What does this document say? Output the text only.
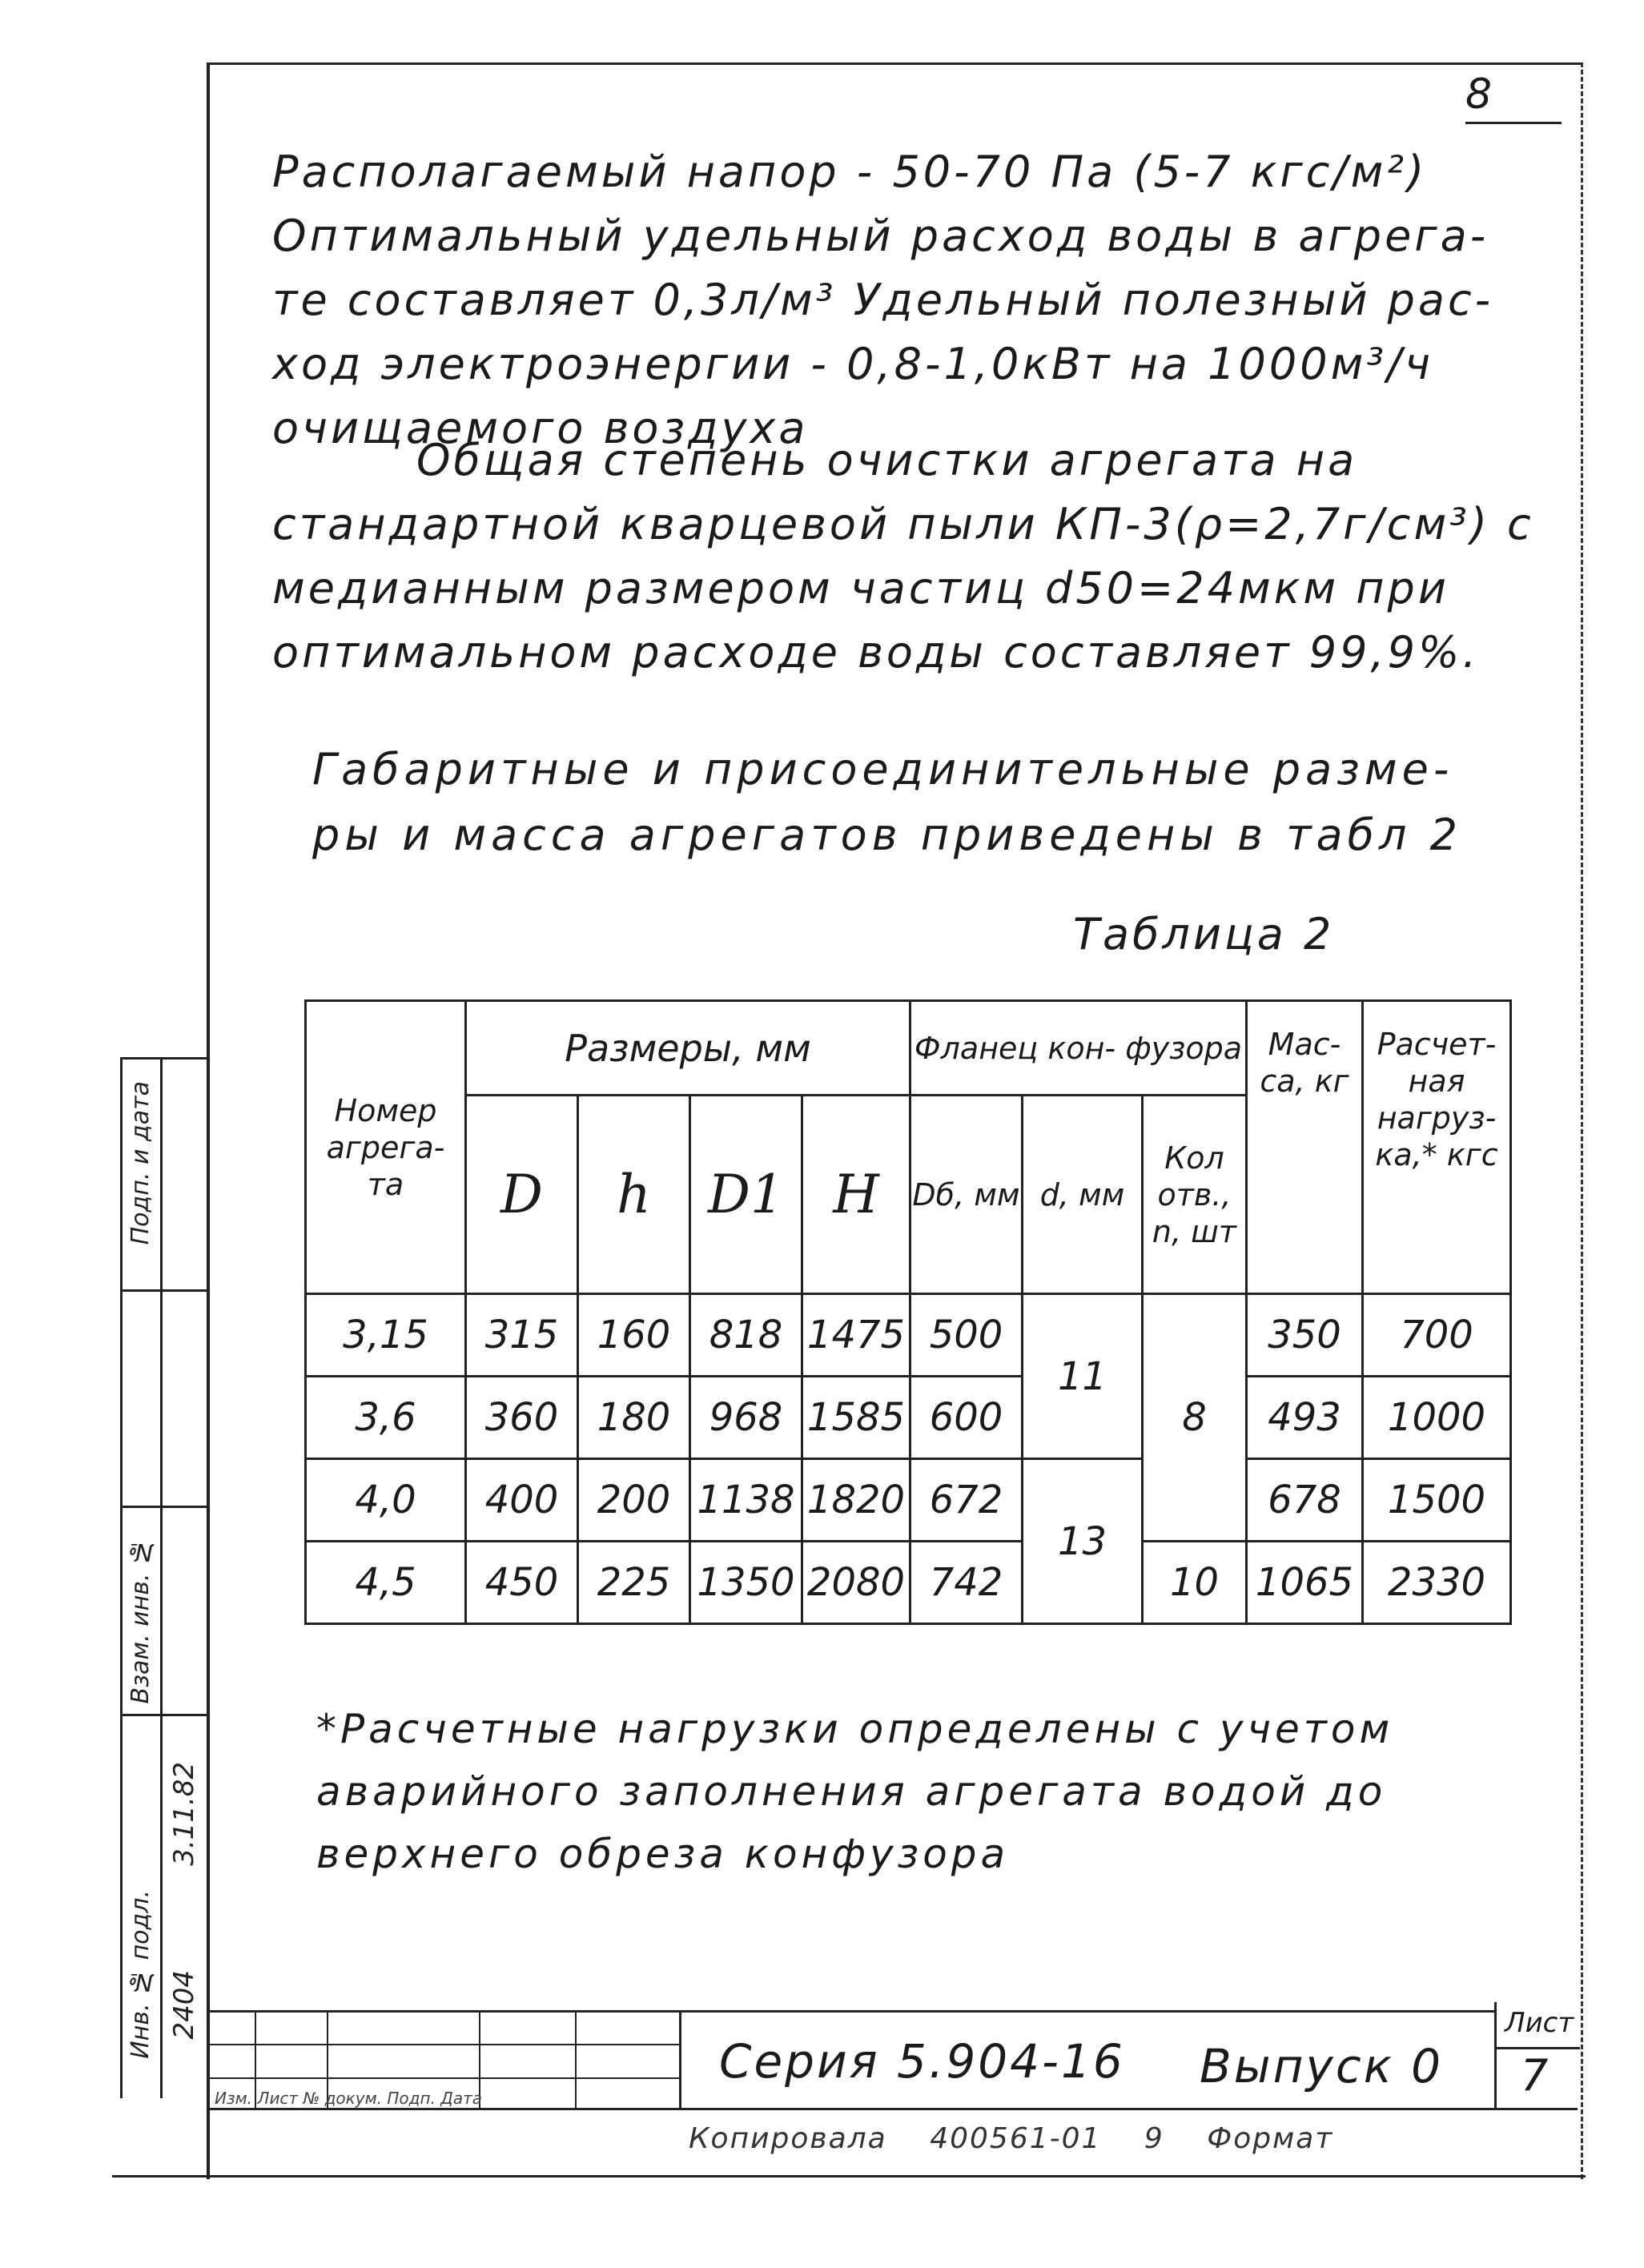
8
Располагаемый напор - 50-70 Па (5-7 кгс/м²)
Оптимальный удельный расход воды в агрега-
те составляет 0,3л/м³ Удельный полезный рас-
ход электроэнергии - 0,8-1,0кВт на 1000м³/ч
очищаемого воздуха
Общая степень очистки агрегата на
стандартной кварцевой пыли КП-3(ρ=2,7г/см³) с
медианным размером частиц d50=24мкм при
оптимальном расходе воды составляет 99,9%.
Габаритные и присоединительные разме-
ры и масса агрегатов приведены в табл 2
Таблица 2
Номер агрега- та	Размеры, мм				Фланец кон- фузора			Мас- са, кг	Расчет- ная нагруз- ка,* кгс
	D	h	D1	H	Dб, мм	d, мм	Кол отв., n, шт		
3,15	315	160	818	1475	500	11	8	350	700
3,6	360	180	968	1585	600			493	1000
4,0	400	200	1138	1820	672	13		678	1500
4,5	450	225	1350	2080	742		10	1065	2330
*Расчетные нагрузки определены с учетом
аварийного заполнения агрегата водой до
верхнего обреза конфузора
Подп. и дата
Взам. инв. №
Инв. № подл.
3.11.82
2404
Изм. Лист № докум. Подп. Дата
Серия 5.904-16 Выпуск 0
Лист
7
Копировала 400561-01 9 Формат
